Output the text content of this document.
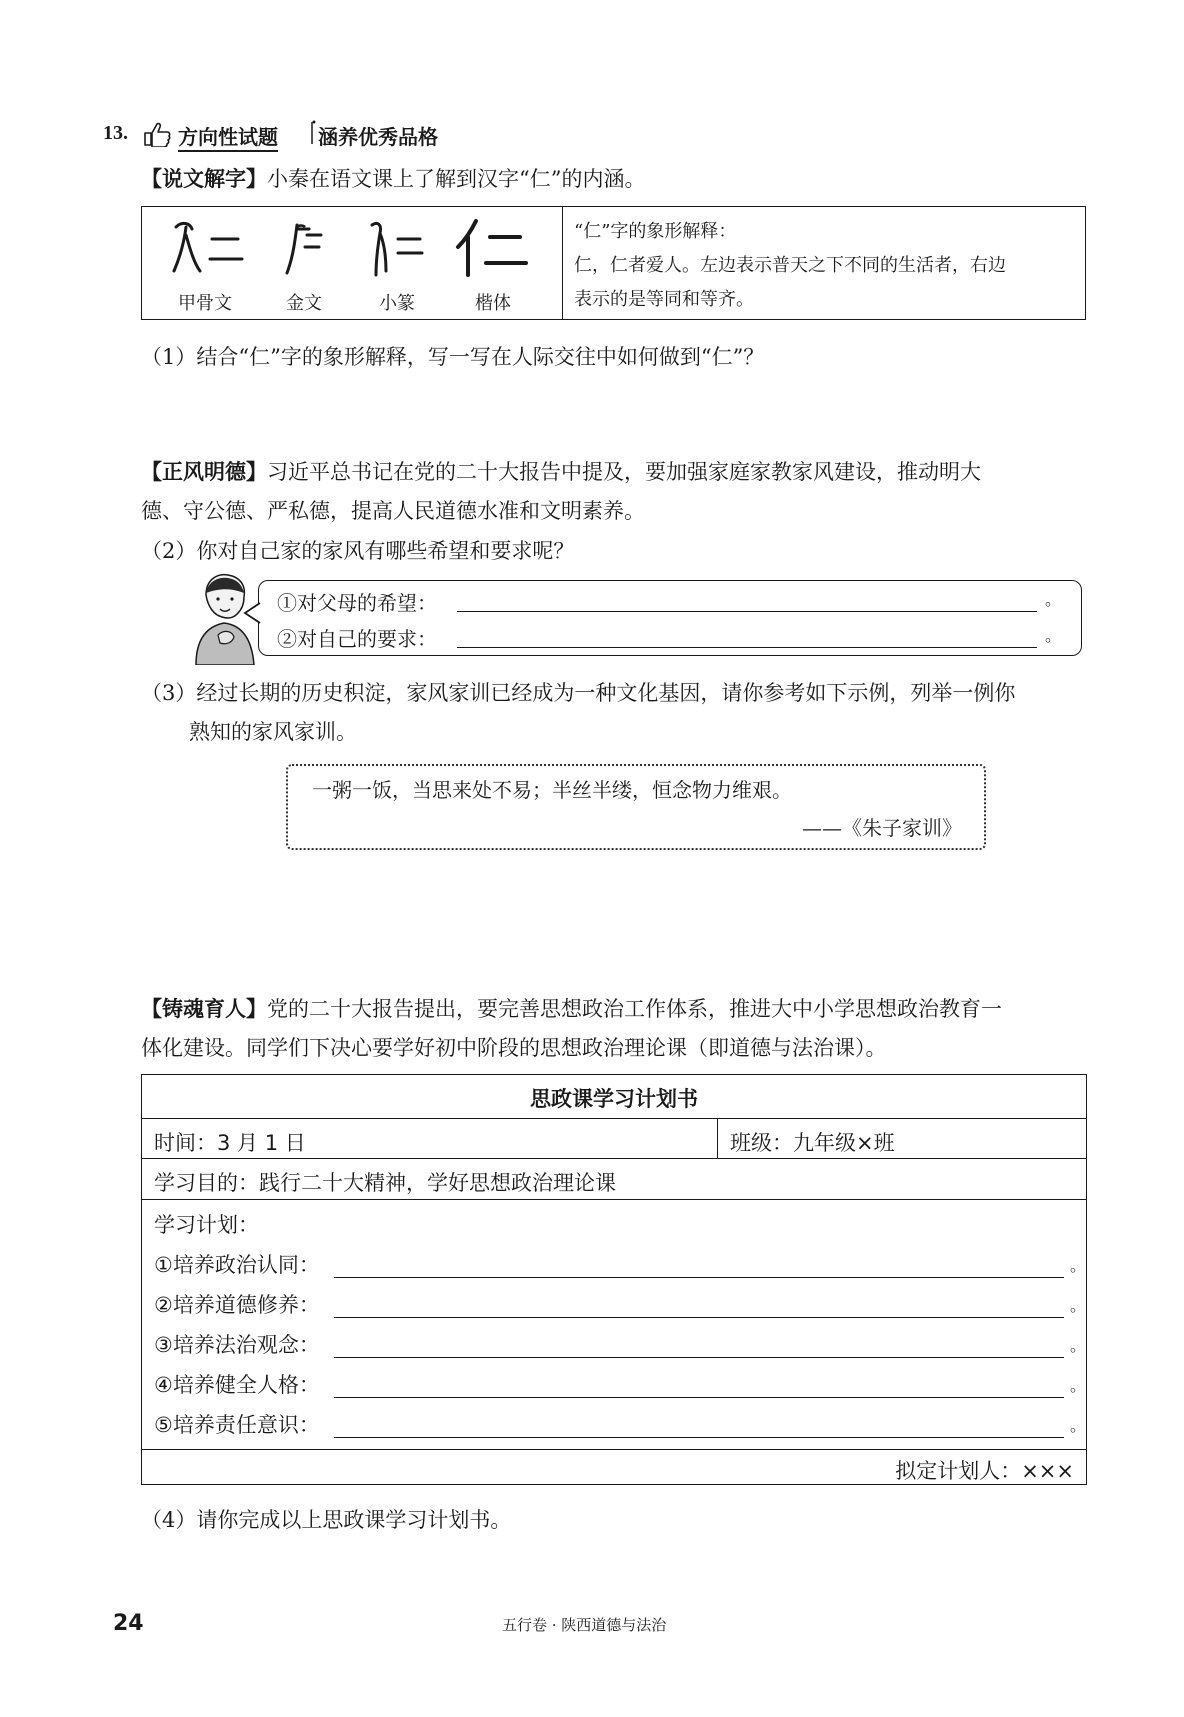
13.	方向性试题 涵养优秀品格
【说文解字】小秦在语文课上了解到汉字“仁”的内涵。
甲骨文	金文	小篆	楷体
“仁”字的象形解释：
仁，仁者爱人。左边表示普天之下不同的生活者，右边
表示的是等同和等齐。
（1）结合“仁”字的象形解释，写一写在人际交往中如何做到“仁”？
【正风明德】习近平总书记在党的二十大报告中提及，要加强家庭家教家风建设，推动明大
德、守公德、严私德，提高人民道德水准和文明素养。
（2）你对自己家的家风有哪些希望和要求呢？
①对父母的希望：	。
②对自己的要求：	。
（3）经过长期的历史积淀，家风家训已经成为一种文化基因，请你参考如下示例，列举一例你
熟知的家风家训。
一粥一饭，当思来处不易；半丝半缕，恒念物力维艰。
——《朱子家训》
【铸魂育人】党的二十大报告提出，要完善思想政治工作体系，推进大中小学思想政治教育一
体化建设。同学们下决心要学好初中阶段的思想政治理论课（即道德与法治课）。
思政课学习计划书
时间：3 月 1 日	班级：九年级×班
学习目的：践行二十大精神，学好思想政治理论课
学习计划：
①培养政治认同：	。
②培养道德修养：	。
③培养法治观念：	。
④培养健全人格：	。
⑤培养责任意识：	。
拟定计划人：×××
（4）请你完成以上思政课学习计划书。
24	五行卷 · 陕西道德与法治
